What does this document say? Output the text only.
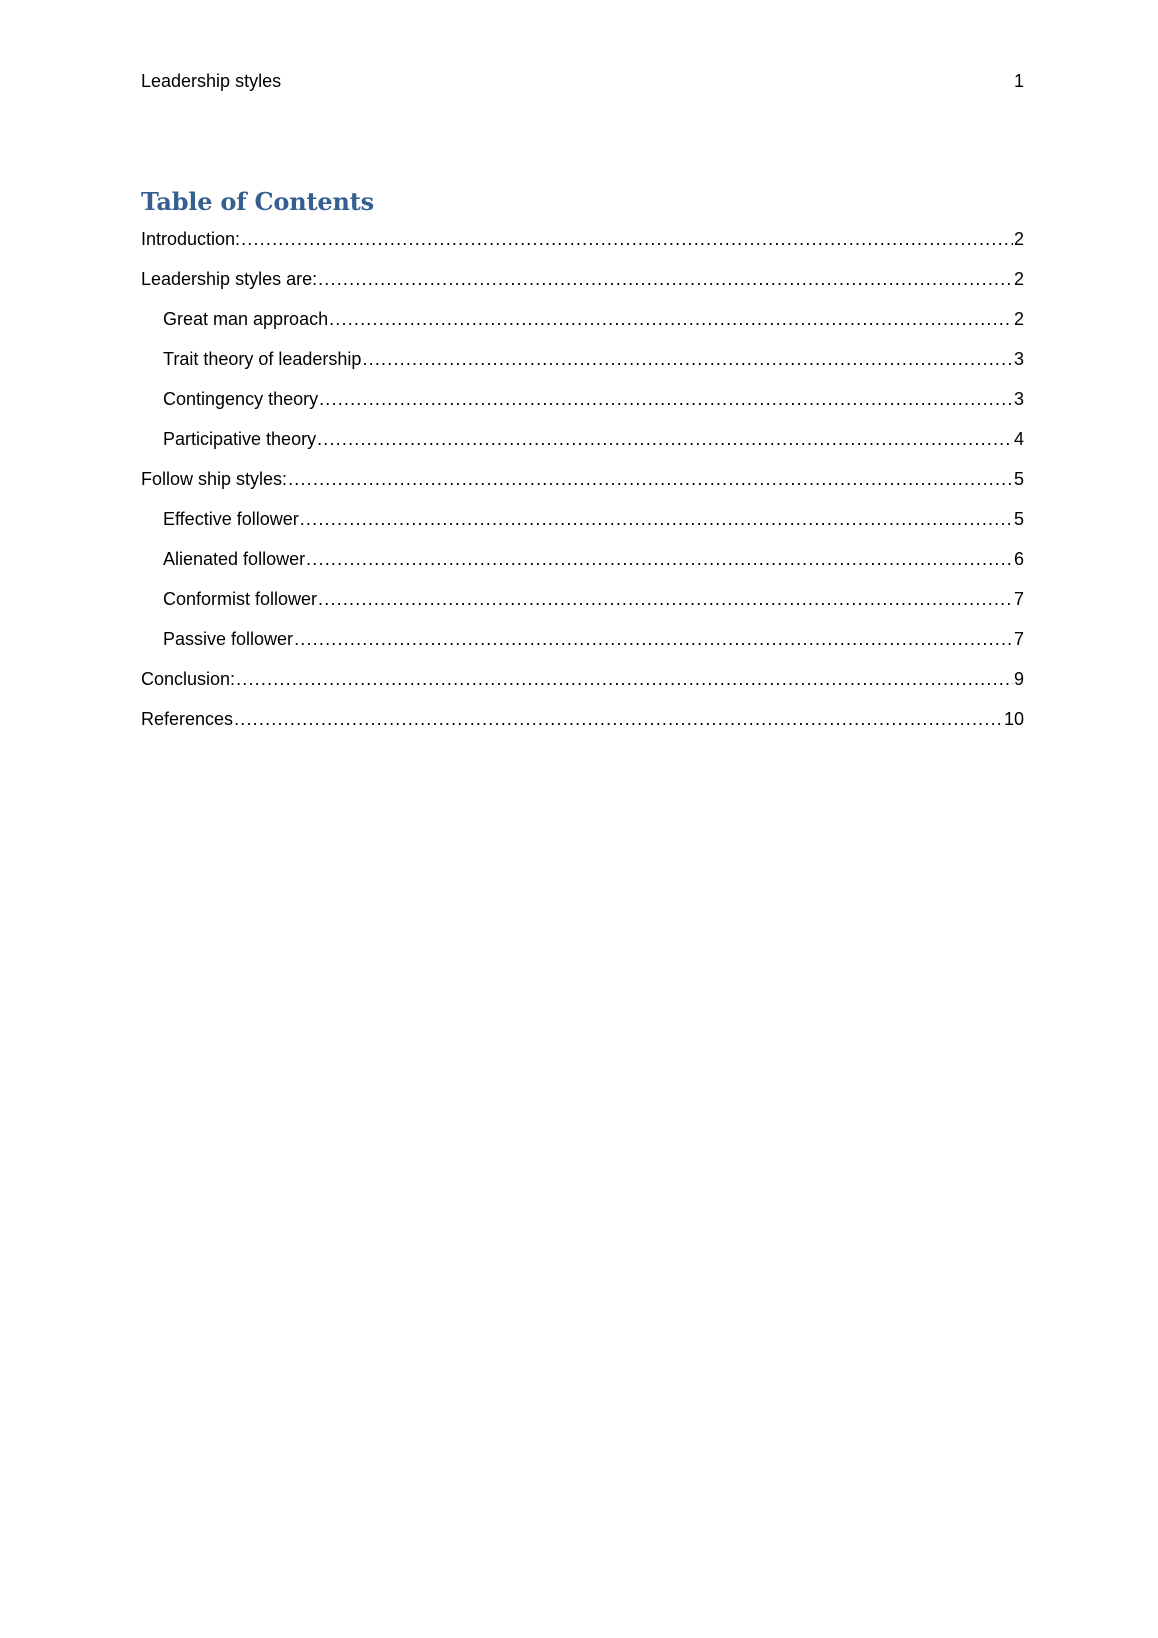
Leadership styles	1
Table of Contents
Introduction: .....	2
Leadership styles are: .....	2
Great man approach .....	2
Trait theory of leadership .....	3
Contingency theory .....	3
Participative theory .....	4
Follow ship styles: .....	5
Effective follower .....	5
Alienated follower .....	6
Conformist follower .....	7
Passive follower .....	7
Conclusion: .....	9
References .....	10
